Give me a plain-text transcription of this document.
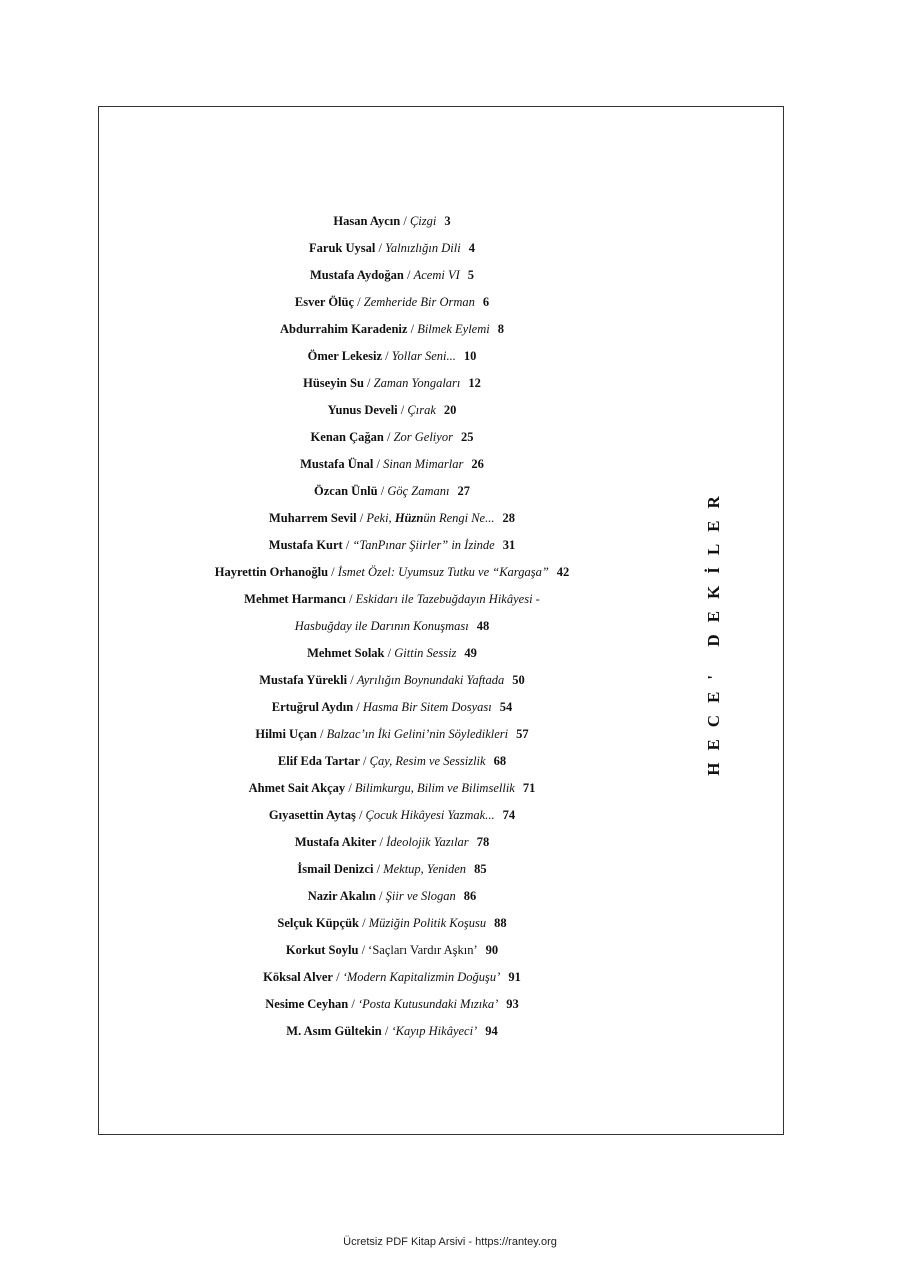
Hasan Aycın / Çizgi 3
Faruk Uysal / Yalnızlığın Dili 4
Mustafa Aydoğan / Acemi VI 5
Esver Ölüç / Zemheride Bir Orman 6
Abdurrahim Karadeniz / Bilmek Eylemi 8
Ömer Lekesiz / Yollar Seni... 10
Hüseyin Su / Zaman Yongaları 12
Yunus Develi / Çırak 20
Kenan Çağan / Zor Geliyor 25
Mustafa Ünal / Sinan Mimarlar 26
Özcan Ünlü / Göç Zamanı 27
Muharrem Sevil / Peki, Hüznün Rengi Ne... 28
Mustafa Kurt / “TanPınar Şiirler” in İzinde 31
Hayrettin Orhanoğlu / İsmet Özel: Uyumsuz Tutku ve “Kargaşa” 42
Mehmet Harmancı / Eskidarı ile Tazebuğdayın Hikâyesi -
Hasbuğday ile Darının Konuşması 48
Mehmet Solak / Gittin Sessiz 49
Mustafa Yürekli / Ayrılığın Boynundaki Yaftada 50
Ertuğrul Aydın / Hasma Bir Sitem Dosyası 54
Hilmi Uçan / Balzac’ın İki Gelini’nin Söyledikleri 57
Elif Eda Tartar / Çay, Resim ve Sessizlik 68
Ahmet Sait Akçay / Bilimkurgu, Bilim ve Bilimsellik 71
Gıyasettin Aytaş / Çocuk Hikâyesi Yazmak... 74
Mustafa Akiter / İdeolojik Yazılar 78
İsmail Denizci / Mektup, Yeniden 85
Nazir Akalın / Şiir ve Slogan 86
Selçuk Küpçük / Müziğin Politik Koşusu 88
Korkut Soylu / ‘Saçları Vardır Aşkın’ 90
Köksal Alver / ‘Modern Kapitalizmin Doğuşu’ 91
Nesime Ceyhan / ‘Posta Kutusundaki Mızıka’ 93
M. Asım Gültekin / ‘Kayıp Hikâyeci’ 94
HECE' DEKİLER
Ücretsiz PDF Kitap Arsivi - https://rantey.org
